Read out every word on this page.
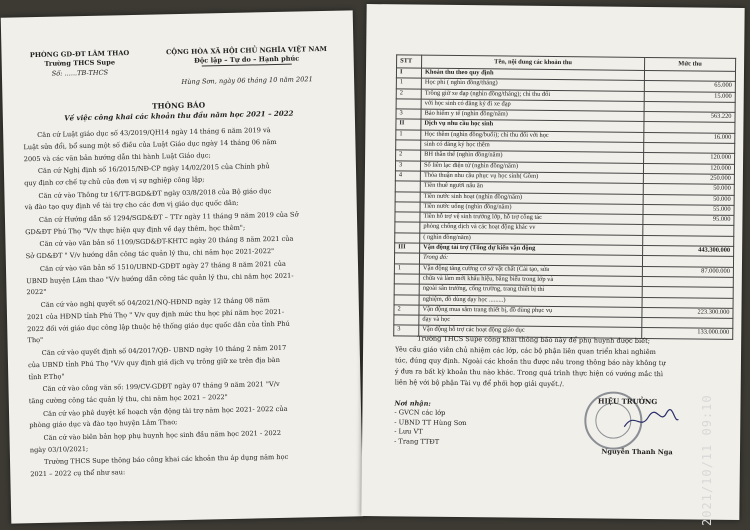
PHÒNG GD-ĐT LÂM THAO
Trường THCS Supe
Số: ......TB-THCS
CỘNG HÒA XÃ HỘI CHỦ NGHĨA VIỆT NAM
Độc lập – Tự do – Hạnh phúc
Hùng Sơn, ngày 06 tháng 10 năm 2021
THÔNG BÁO
Về việc công khai các khoản thu đầu năm học 2021 – 2022
Căn cứ Luật giáo dục số 43/2019/QH14 ngày 14 tháng 6 năm 2019 và
Luật sửa đổi, bổ sung một số điều của Luật Giáo dục ngày 14 tháng 06 năm
2005 và các văn bản hướng dẫn thi hành Luật Giáo dục;
Căn cứ Nghị định số 16/2015/NĐ-CP ngày 14/02/2015 của Chính phủ
quy định cơ chế tự chủ của đơn vị sự nghiệp công lập;
Căn cứ vào Thông tư 16/TT-BGD&ĐT ngày 03/8/2018 của Bộ giáo dục
và đào tạo quy định về tài trợ cho các đơn vị giáo dục quốc dân;
Căn cứ Hướng dẫn số 1294/SGD&ĐT – TTr ngày 11 tháng 9 năm 2019 của Sở
GD&ĐT Phú Thọ "V/v thực hiện quy định về dạy thêm, học thêm";
Căn cứ vào văn bản số 1109/SGD&ĐT-KHTC ngày 20 tháng 8 năm 2021 của
Sở GD&ĐT " V/v hướng dẫn công tác quản lý thu, chi năm học 2021-2022"
Căn cứ vào văn bản số 1510/UBND-GDĐT ngày 27 tháng 8 năm 2021 của
UBND huyện Lâm thao "V/v hướng dẫn công tác quản lý thu, chi năm học 2021-
2022"
Căn cứ vào nghị quyết số 04/2021/NQ-HĐND ngày 12 tháng 08 năm
2021 của HĐND tỉnh Phú Thọ " V/v quy định mức thu học phí năm học 2021-
2022 đối với giáo dục công lập thuộc hệ thống giáo dục quốc dân của tỉnh Phú
Thọ"
Căn cứ vào quyết định số 04/2017/QĐ- UBND ngày 10 tháng 2 năm 2017
của UBND tỉnh Phú Thọ "V/v quy định giá dịch vụ trông giữ xe trên địa bàn
tỉnh P.Thọ"
Căn cứ vào công văn số: 199/CV-GDĐT ngày 07 tháng 9 năm 2021 "V/v
tăng cường công tác quản lý thu, chi năm học 2021 – 2022"
Căn cứ vào phê duyệt kế hoạch vận động tài trợ năm học 2021- 2022 của
phòng giáo dục và đào tạo huyện Lâm Thao;
Căn cứ vào biên bản họp phụ huynh học sinh đầu năm học 2021 - 2022
ngày 03/10/2021;
Trường THCS Supe thông báo công khai các khoản thu áp dụng năm học
2021 – 2022 cụ thể như sau:
STT	Tên, nội dung các khoản thu	Mức thu
I	Khoản thu theo quy định	
1	Học phí ( nghìn đồng/tháng)	65.000
2	Trông giữ xe đạp (nghìn đồng/tháng); chi thu đối	15.000
	với học sinh có đăng ký đi xe đạp	
3	Bảo hiểm y tế (nghìn đồng/năm)	563.220
II	Dịch vụ nhu cầu học sinh	
1	Học thêm (nghìn đồng/buổi); chi thu đối với học	16.000
	sinh có đăng ký học thêm	
2	BH thân thể (nghìn đồng/năm)	120.000
3	Sổ liên lạc điện tử (nghìn đồng/năm)	120.000
4	Thỏa thuận nhu cầu phục vụ học sinh( Gồm)	250.000
	Tiền thuê người nấu ăn	50.000
	Tiền nước sinh hoạt (nghìn đồng/năm)	50.000
	Tiền nước uống (nghìn đồng/năm)	55.000
	Tiền hỗ trợ vệ sinh trường lớp, hỗ trợ công tác	95.000
	phòng chống dịch và các hoạt động khác vv	
	( nghìn đồng/năm)	
III	Vận động tài trợ (Tổng dự kiến vận động	443.300.000
	Trong đó:	
1	Vận động tăng cường cơ sở vật chất (Cải tạo, sửa	87.000.000
	chữa và làm mới khẩu hiệu, băng biểu trong lớp và	
	ngoài sân trường, cổng trường, trang thiết bị thí	
	nghiệm, đồ dùng dạy học .........)	
2	Vận động mua sắm trang thiết bị, đồ dùng phục vụ	223.300.000
	dạy và học	
3	Vận động hỗ trợ các hoạt động giáo dục	133.000.000
Nơi nhận:	HIỆU TRƯỞNG
Nguyễn Thanh Nga
Trường THCS Supe công khai thông báo này để phụ huynh được biết;
Yêu cầu giáo viên chủ nhiệm các lớp, các bộ phận liên quan triển khai nghiêm
túc, đúng quy định. Ngoài các khoản thu được nêu trong thông báo này không tự
ý đưa ra bất kỳ khoản thu nào khác. Trong quá trình thực hiện có vướng mắc thì
liên hệ với bộ phận Tài vụ để phối hợp giải quyết./.
- GVCN các lớp
- UBND TT Hùng Sơn
- Lưu VT
- Trang TTĐT	2021/10/11 09:10
